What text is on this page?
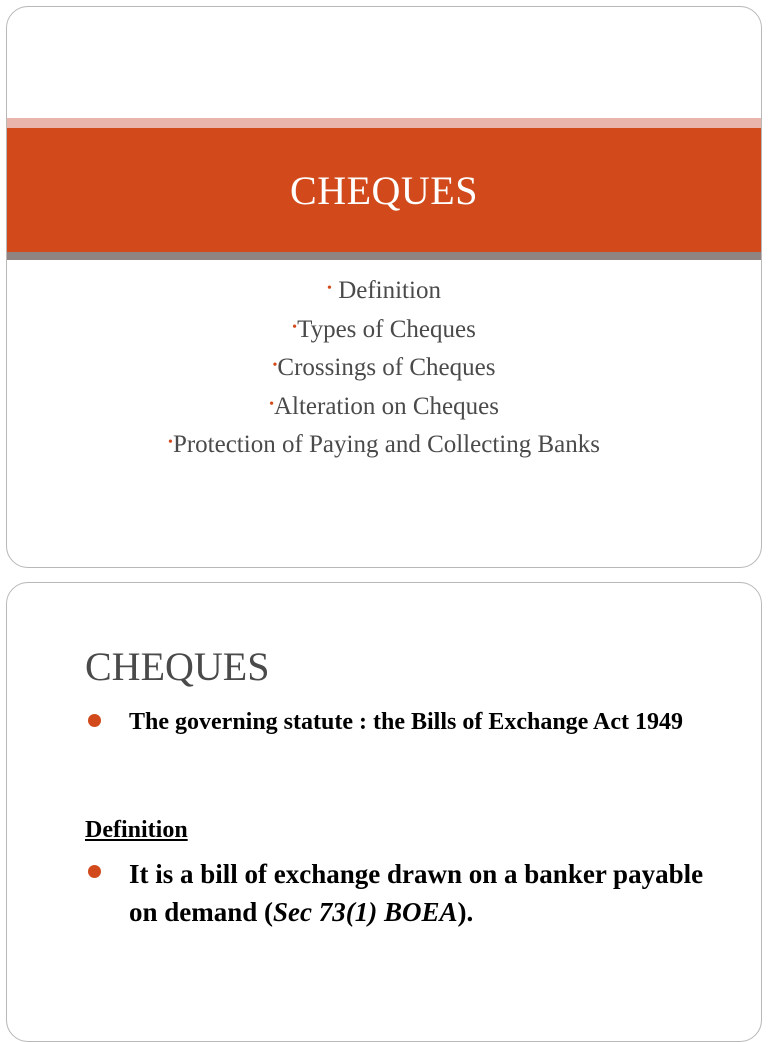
CHEQUES
• Definition
•Types of Cheques
•Crossings of Cheques
•Alteration on Cheques
•Protection of Paying and Collecting Banks
CHEQUES
The governing statute : the Bills of Exchange Act 1949
Definition
It is a bill of exchange drawn on a banker payable on demand (Sec 73(1) BOEA).
